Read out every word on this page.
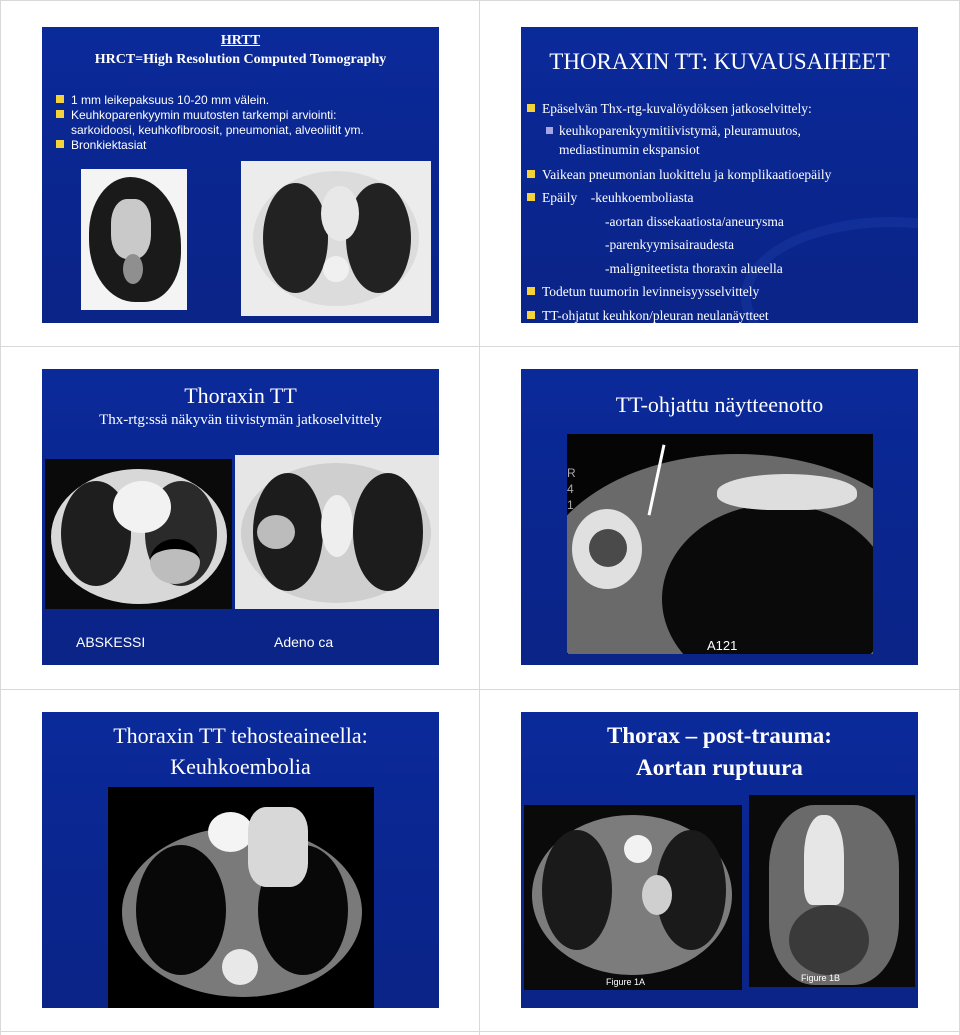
HRTT
HRCT=High Resolution Computed Tomography
1 mm leikepaksuus 10-20 mm välein.
Keuhkoparenkyymin muutosten tarkempi arviointi:
sarkoidoosi, keuhkofibroosit, pneumoniat, alveoliitit ym.
Bronkiektasiat
THORAXIN TT: KUVAUSAIHEET
Epäselvän Thx-rtg-kuvalöydöksen jatkoselvittely:
keuhkoparenkyymitiivistymä, pleuramuutos,
mediastinumin ekspansiot
Vaikean pneumonian luokittelu ja komplikaatioepäily
Epäily    -keuhkoemboliasta
-aortan dissekaatiosta/aneurysma
-parenkyymisairaudesta
-maligniteetista thoraxin alueella
Todetun tuumorin levinneisyysselvittely
TT-ohjatut keuhkon/pleuran neulanäytteet
Thoraxin TT
Thx-rtg:ssä näkyvän tiivistymän jatkoselvittely
ABSKESSI	Adeno ca
TT-ohjattu näytteenotto
R
4
1
A121
Thoraxin TT tehosteaineella:
Keuhkoembolia
Thorax – post-trauma:
Aortan ruptuura
Figure 1A	Figure 1B
